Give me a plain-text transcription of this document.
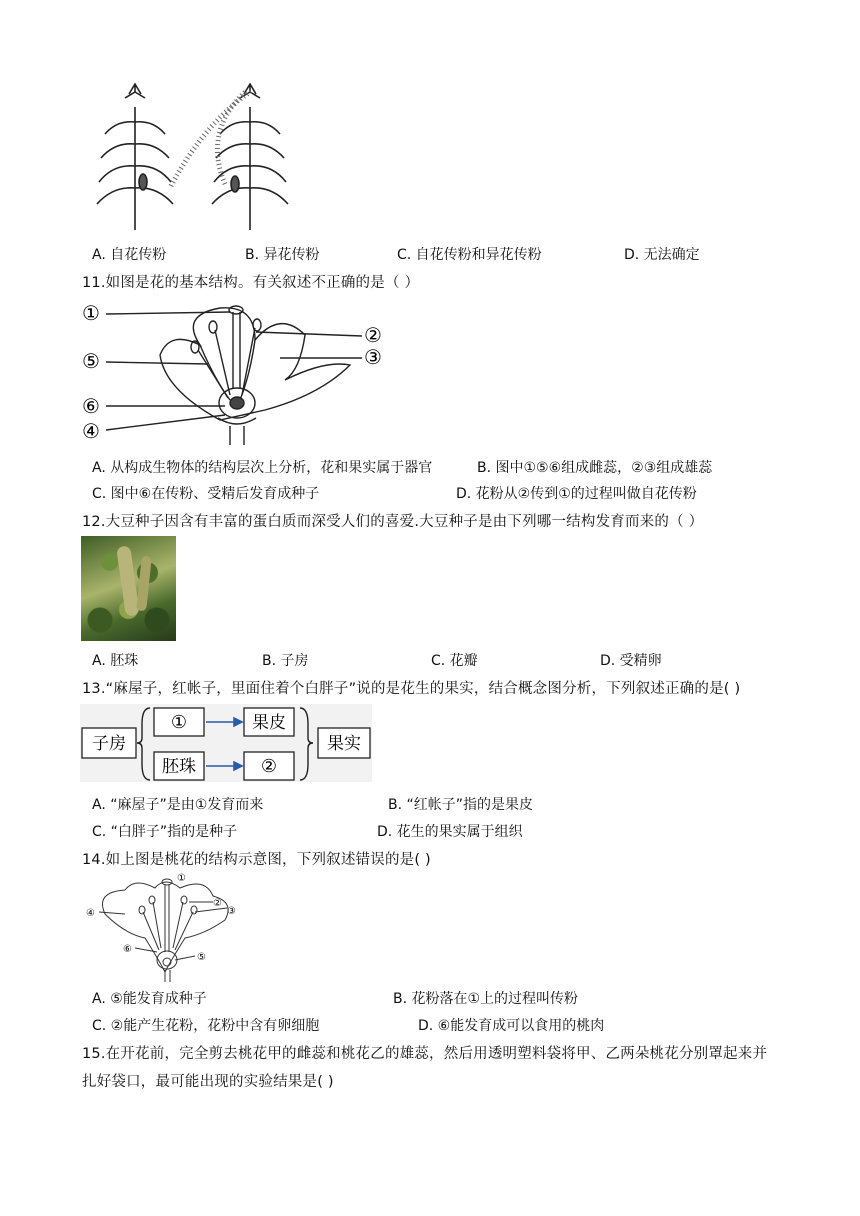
A. 自花传粉	B. 异花传粉	C. 自花传粉和异花传粉	D. 无法确定
11.如图是花的基本结构。有关叙述不正确的是（ ）
①
②
③
④
⑤
⑥
A. 从构成生物体的结构层次上分析，花和果实属于器官	B. 图中①⑤⑥组成雌蕊，②③组成雄蕊
C. 图中⑥在传粉、受精后发育成种子	D. 花粉从②传到①的过程叫做自花传粉
12.大豆种子因含有丰富的蛋白质而深受人们的喜爱.大豆种子是由下列哪一结构发育而来的（ ）
A. 胚珠	B. 子房	C. 花瓣	D. 受精卵
13.“麻屋子，红帐子，里面住着个白胖子”说的是花生的果实，结合概念图分析，下列叙述正确的是( )
子房
①	果皮
胚珠	②
果实
A. “麻屋子”是由①发育而来	B. “红帐子”指的是果皮
C. “白胖子”指的是种子	D. 花生的果实属于组织
14.如上图是桃花的结构示意图，下列叙述错误的是( )
①
②
③
④
⑤
⑥
A. ⑤能发育成种子	B. 花粉落在①上的过程叫传粉
C. ②能产生花粉，花粉中含有卵细胞	D. ⑥能发育成可以食用的桃肉
15.在开花前，完全剪去桃花甲的雌蕊和桃花乙的雄蕊，然后用透明塑料袋将甲、乙两朵桃花分别罩起来并
扎好袋口，最可能出现的实验结果是( )
